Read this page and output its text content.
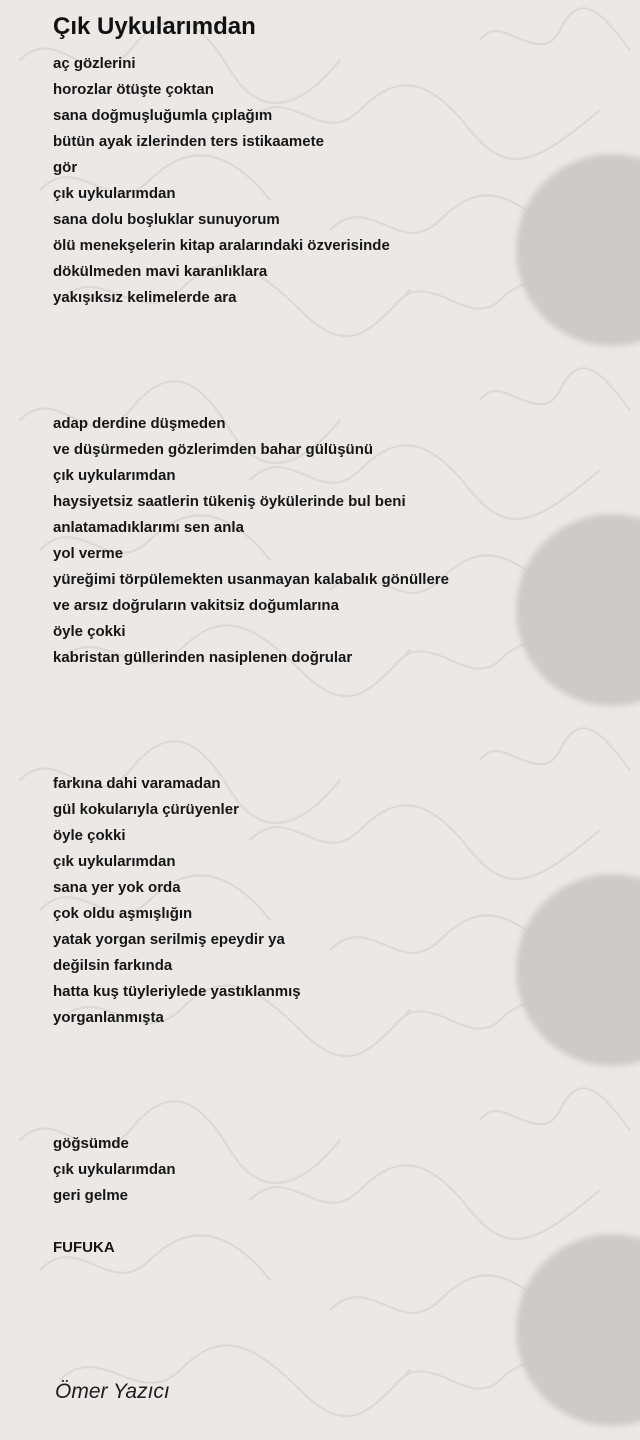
Çık Uykularımdan
aç gözlerini
horozlar ötüşte çoktan
sana doğmuşluğumla çıplağım
bütün ayak izlerinden ters istikaamete
gör
çık uykularımdan
sana dolu boşluklar sunuyorum
ölü menekşelerin kitap aralarındaki özverisinde
dökülmeden mavi karanlıklara
yakışıksız kelimelerde ara
adap derdine düşmeden
ve düşürmeden gözlerimden bahar gülüşünü
çık uykularımdan
haysiyetsiz saatlerin tükeniş öykülerinde bul beni
anlatamadıklarımı sen anla
yol verme
yüreğimi törpülemekten usanmayan kalabalık gönüllere
ve arsız doğruların vakitsiz doğumlarına
öyle çokki
kabristan güllerinden nasiplenen doğrular
farkına dahi varamadan
gül kokularıyla çürüyenler
öyle çokki
çık uykularımdan
sana yer yok orda
çok oldu aşmışlığın
yatak yorgan serilmiş epeydir ya
değilsin farkında
hatta kuş tüyleriylede yastıklanmış
yorganlanmışta
göğsümde
çık uykularımdan
geri gelme
FUFUKA
Ömer Yazıcı
